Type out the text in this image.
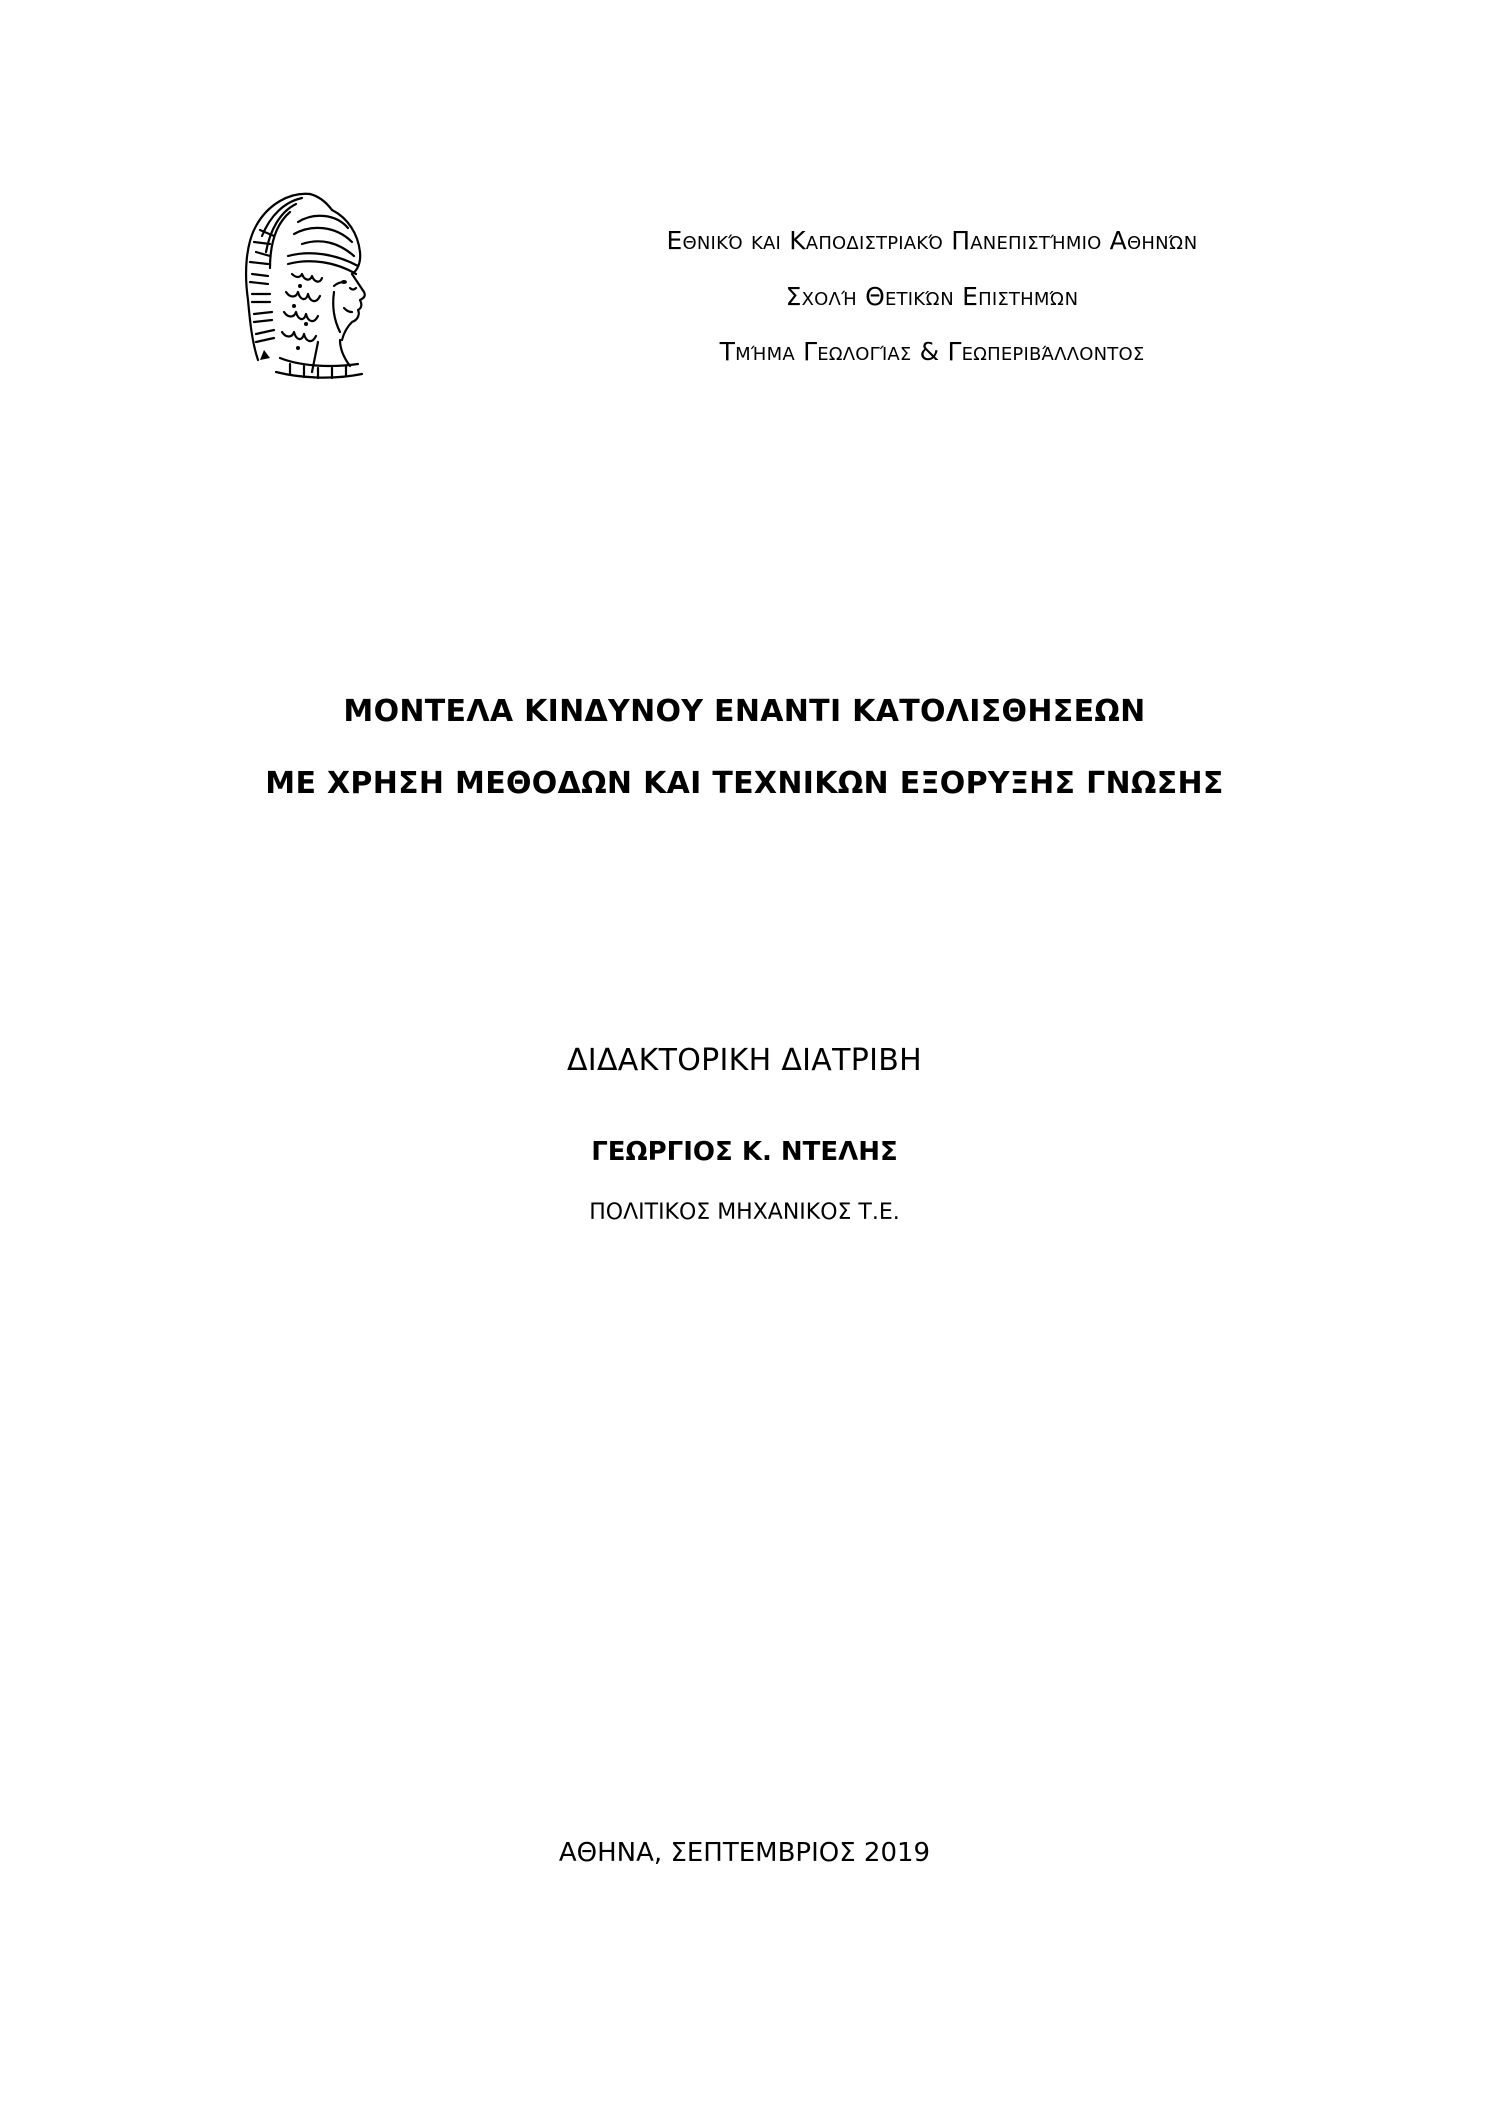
Εθνικό και Καποδιστριακό Πανεπιστήμιο Αθηνών
Σχολή Θετικών Επιστημών
Τμήμα Γεωλογίας & Γεωπεριβάλλοντος
ΜΟΝΤΕΛΑ ΚΙΝΔΥΝΟΥ ΕΝΑΝΤΙ ΚΑΤΟΛΙΣΘΗΣΕΩΝ
ΜΕ ΧΡΗΣΗ ΜΕΘΟΔΩΝ ΚΑΙ ΤΕΧΝΙΚΩΝ ΕΞΟΡΥΞΗΣ ΓΝΩΣΗΣ
ΔΙΔΑΚΤΟΡΙΚΗ ΔΙΑΤΡΙΒΗ
ΓΕΩΡΓΙΟΣ Κ. ΝΤΕΛΗΣ
ΠΟΛΙΤΙΚΟΣ ΜΗΧΑΝΙΚΟΣ Τ.Ε.
ΑΘΗΝΑ, ΣΕΠΤΕΜΒΡΙΟΣ 2019
